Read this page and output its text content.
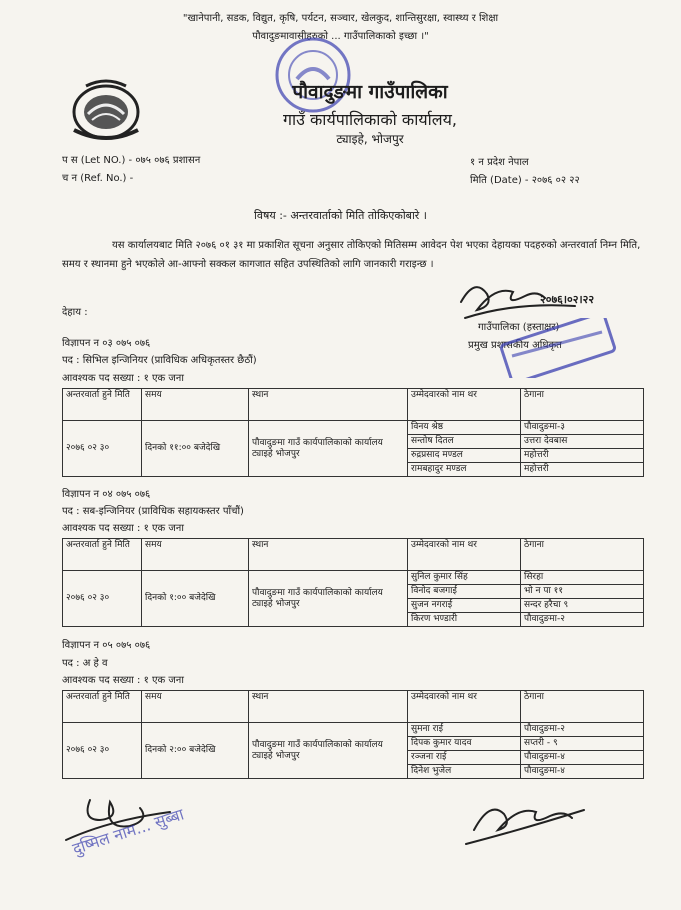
"खानेपानी, सडक, विद्युत, कृषि, पर्यटन, सञ्चार, खेलकुद, शान्तिसुरक्षा, स्वास्थ्य र शिक्षा
पौवादुङमावासीहरुको ... गाउँपालिकाको इच्छा ।"
पौवादुङमा गाउँपालिका
गाउँ कार्यपालिकाको कार्यालय,
ट्याइहे, भोजपुर
प स (Let NO.) - ०७५ ०७६ प्रशासन
च न (Ref. No.) -
१ न प्रदेश नेपाल
मिति (Date) - २०७६ ०२ २२
विषय :- अन्तरवार्ताको मिति तोकिएकोबारे ।
यस कार्यालयबाट मिति २०७६ ०१ ३१ मा प्रकाशित सूचना अनुसार तोकिएको मितिसम्म आवेदन पेश भएका देहायका पदहरुको अन्तरवार्ता निम्न मिति, समय र स्थानमा हुने भएकोले आ-आफ्नो सक्कल कागजात सहित उपस्थितिको लागि जानकारी गराइन्छ ।
देहाय :
२०७६।०२।२२
गाउँपालिका (हस्ताक्षर)
प्रमुख प्रशासकीय अधिकृत
विज्ञापन न ०३ ०७५ ०७६
पद : सिभिल इन्जिनियर (प्राविधिक अधिकृतस्तर छैठौं)
आवश्यक पद सख्या : १ एक जना
अन्तरवार्ता हुने मिति	समय	स्थान	उम्मेदवारको नाम थर	ठेगाना
२०७६ ०२ ३०	दिनको ११:०० बजेदेखि	पौवादुङमा गाउँ कार्यपालिकाको कार्यालय ट्याइहे भोजपुर	विनय श्रेष्ठ	पौवादुङमा-३
			सन्तोष दितल	उत्तरा देवबास
			रुद्रप्रसाद मण्डल	महोत्तरी
			रामबहादुर मण्डल	महोत्तरी
विज्ञापन न ०४ ०७५ ०७६
पद : सब-इन्जिनियर (प्राविधिक सहायकस्तर पाँचौं)
आवश्यक पद सख्या : १ एक जना
अन्तरवार्ता हुने मिति	समय	स्थान	उम्मेदवारको नाम थर	ठेगाना
२०७६ ०२ ३०	दिनको १:०० बजेदेखि	पौवादुङमा गाउँ कार्यपालिकाको कार्यालय ट्याइहे भोजपुर	सुनिल कुमार सिंह	सिरहा
			विनोद बजगाई	भो न पा ११
			सुजन नगराई	सन्दर हरैचा ९
			किरण भण्डारी	पौवादुङमा-२
विज्ञापन न ०५ ०७५ ०७६
पद : अ हे व
आवश्यक पद सख्या : १ एक जना
अन्तरवार्ता हुने मिति	समय	स्थान	उम्मेदवारको नाम थर	ठेगाना
२०७६ ०२ ३०	दिनको २:०० बजेदेखि	पौवादुङमा गाउँ कार्यपालिकाको कार्यालय ट्याइहे भोजपुर	सुमना राई	पौवादुङमा-२
			दिपक कुमार यादव	सप्तरी - ९
			रञ्जना राई	पौवादुङमा-४
			दिनेश भुजेल	पौवादुङमा-४
दुष्मिल नाम... सुब्बा
